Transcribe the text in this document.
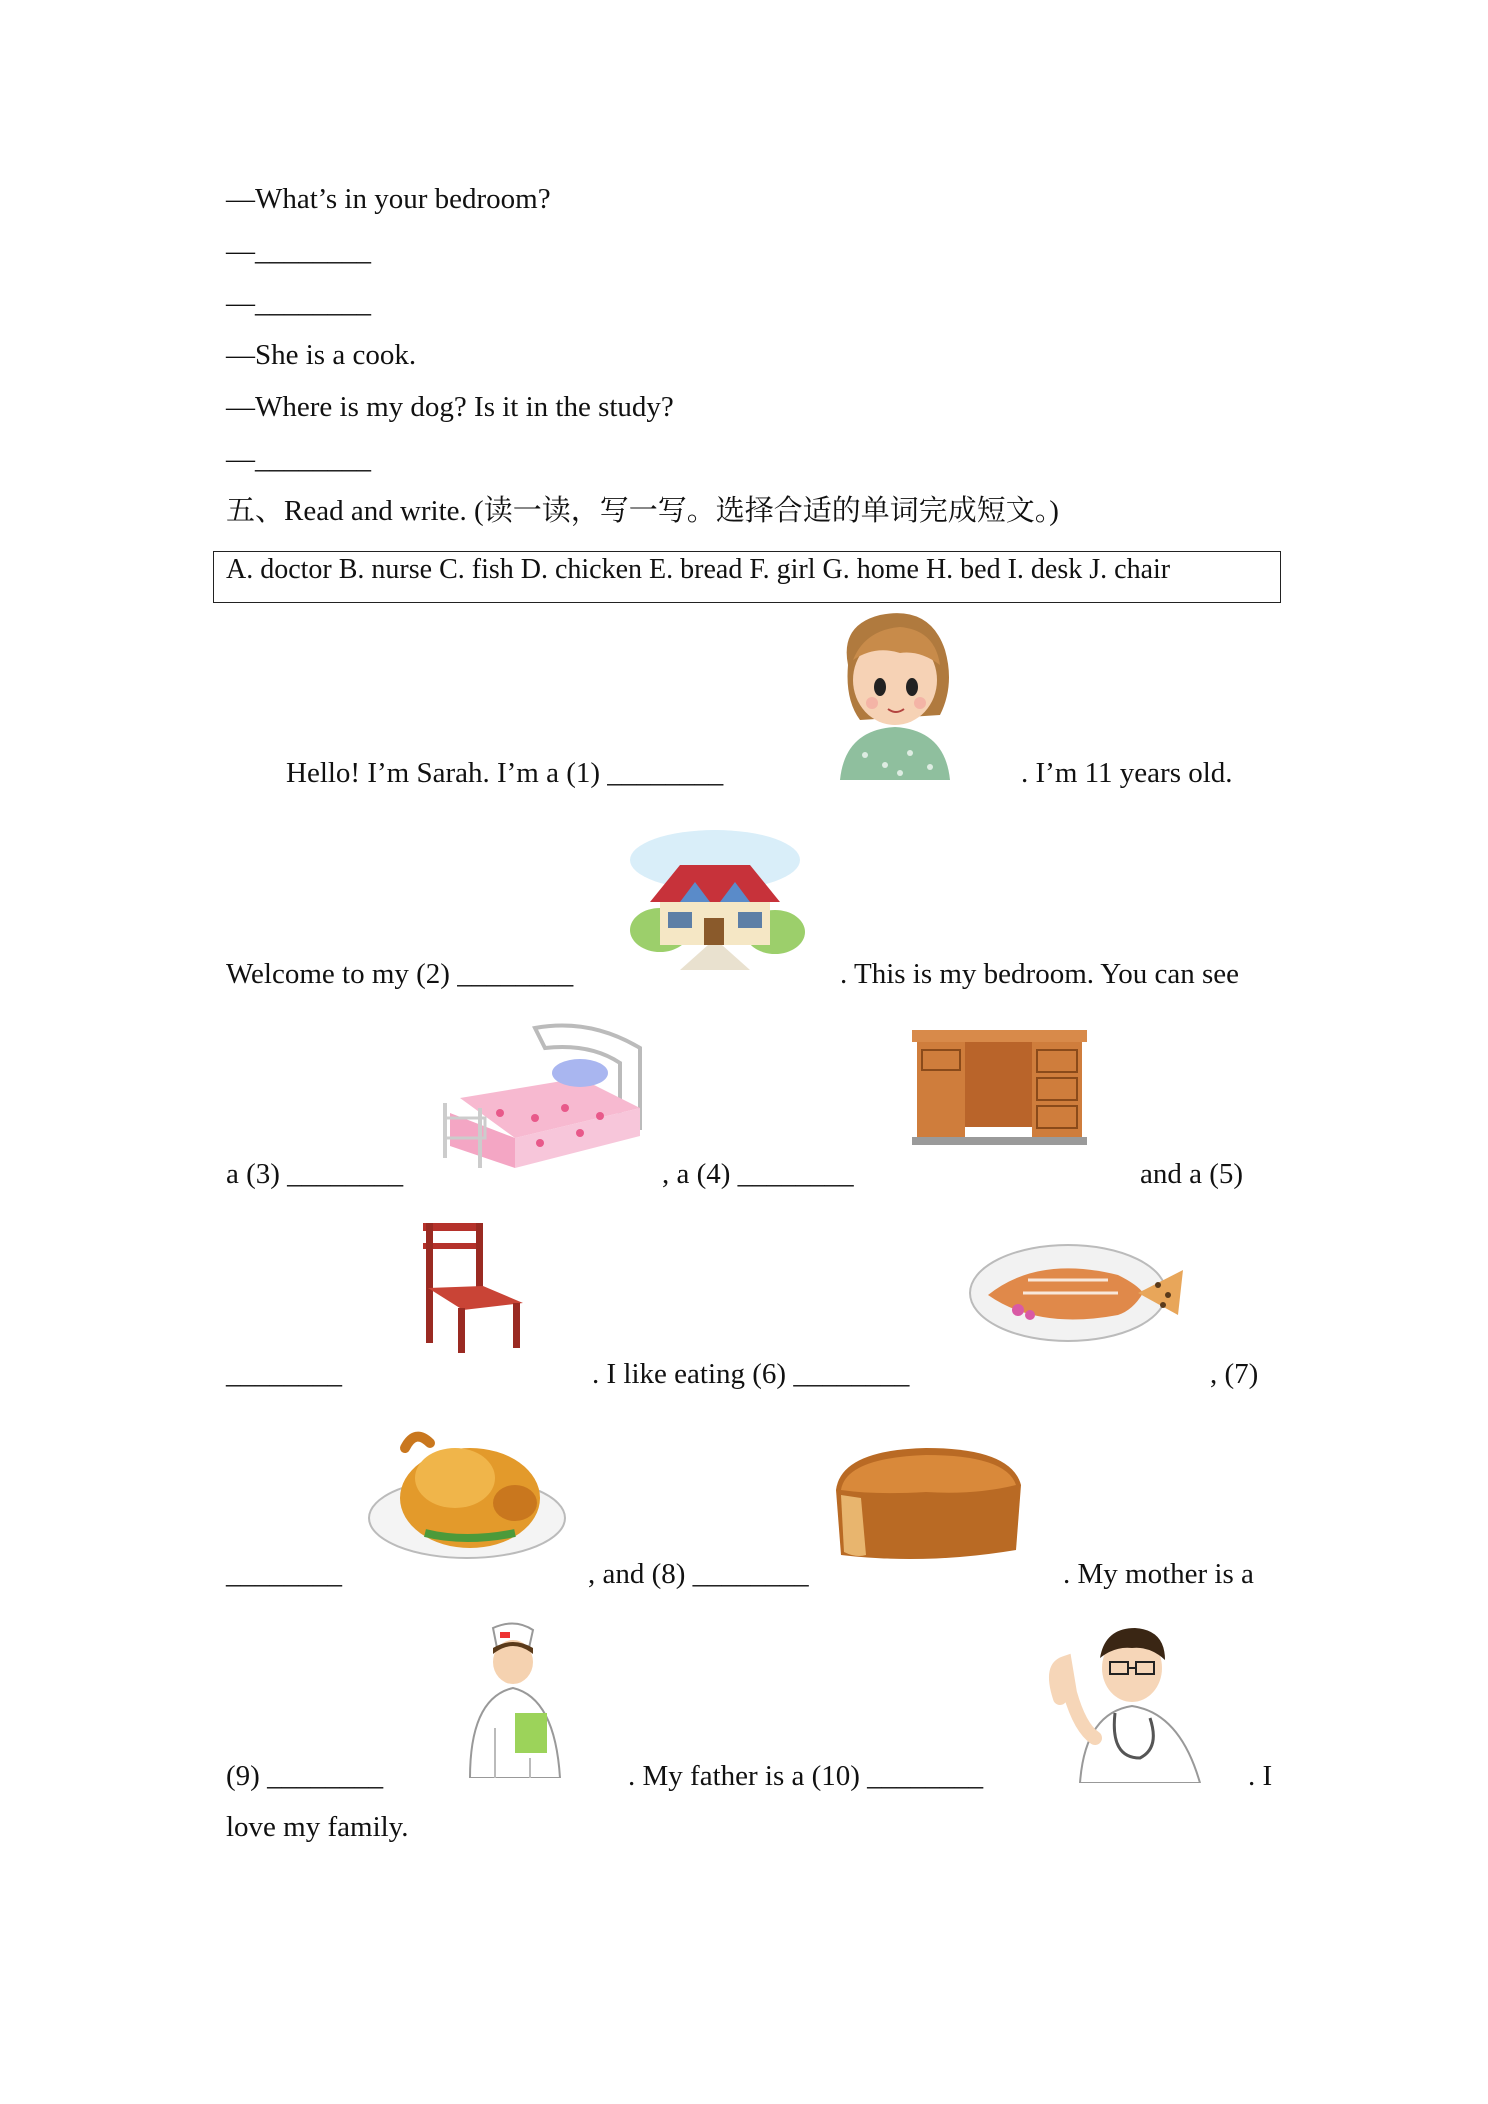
—What’s in your bedroom?
—________
—________
—She is a cook.
—Where is my dog? Is it in the study?
—________
五、Read and write. (读一读，写一写。选择合适的单词完成短文。)
A. doctor B. nurse C. fish D. chicken E. bread F. girl G. home H. bed I. desk J. chair
Hello! I’m Sarah. I’m a (1) ________	. I’m 11 years old.
Welcome to my (2) ________	. This is my bedroom. You can see
a (3) ________	, a (4) ________	and a (5)
________	. I like eating (6) ________	, (7)
________	, and (8) ________	. My mother is a
(9) ________	. My father is a (10) ________	. I
love my family.
